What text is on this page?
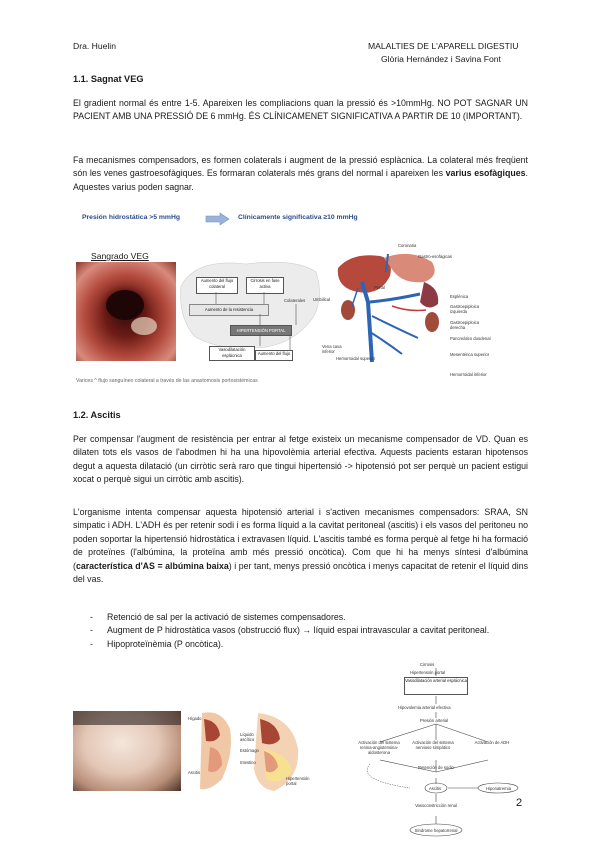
Dra. Huelin	MALALTIES DE L'APARELL DIGESTIU
Glòria Hernández i Savina Font
1.1. Sagnat VEG
El gradient normal és entre 1-5. Apareixen les compliacions quan la pressió és >10mmHg. NO POT SAGNAR UN PACIENT AMB UNA PRESSIÓ DE 6 mmHg. ÉS CLÍNICAMENET SIGNIFICATIVA A PARTIR DE 10 (IMPORTANT).
Fa mecanismes compensadors, es formen colaterals i augment de la pressió esplàcnica. La colateral més freqüent són les venes gastroesofàgiques. Es formaran colaterals més grans del normal i apareixen les varius esofàgiques. Aquestes varius poden sagnar.
Presión hidrostática >5 mmHg	Clínicamente significativa ≥10 mmHg
Sangrado VEG
Aumento del flujo colateral
Cirrosis en fase activa
Aumento de la resistencia
HIPERTENSIÓN PORTAL
Vasodilatación esplácnica	Aumento del flujo
Colaterales
Coronaria
Gastro-esofágicas
Portal
Esplénica
Umbilical
Gastroepiploica izquierda
Gastroepiploica derecha
Pancreático duodenal
Mesentérica superior
Hemorroidal superior
Hemorroidal inferior
Vena cava inferior
Varices ^ flujo sanguíneo colateral a través de las anastomosis portosistémicas
1.2. Ascitis
Per compensar l'augment de resistència per entrar al fetge existeix un mecanisme compensador de VD. Quan es dilaten tots els vasos de l'abodmen hi ha una hipovolèmia arterial efectiva. Aquests pacients estaran hipotensos degut a aquesta dilatació (un cirròtic serà raro que tingui hipertensió -> hipotensió pot ser perquè un pacient estigui xocat o perquè sigui un cirròtic amb ascitis).
L'organisme intenta compensar aquesta hipotensió arterial i s'activen mecanismes compensadors: SRAA, SN simpatic i ADH. L'ADH és per retenir sodi i es forma líquid a la cavitat peritoneal (ascitis) i els vasos del peritoneu no poden soportar la hipertensió hidrostàtica i extravasen líquid. L'ascitis també es forma perquè al fetge hi ha formació de proteïnes (l'albúmina, la proteïna amb més pressió oncòtica). Com que hi ha menys síntesi d'albúmina (característica d'AS = albúmina baixa) i per tant, menys pressió oncòtica i menys capacitat de retenir el líquid dins del vas.
- Retenció de sal per la activació de sistemes compensadores.
- Augment de P hidrostàtica vasos (obstrucció flux) → líquid espai intravascular a cavitat peritoneal.
- Hipoproteïnèmia (P oncòtica).
Hígado
Líquido ascítico
Estómago
Intestino
Ascitis
Hipertensión portal
Cirrosis
Hipertensión portal
Vasodilatación arterial esplácnica
Hipovolemia arterial efectiva
Presión arterial
Activación del sistema renina-angiotensina-aldosterona
Activación del sistema nervioso simpático
Activación de ADH
Retención de sodio
Ascitis	Hiponatremia
Vasoconstricción renal
Síndrome hepatorrenal
2
